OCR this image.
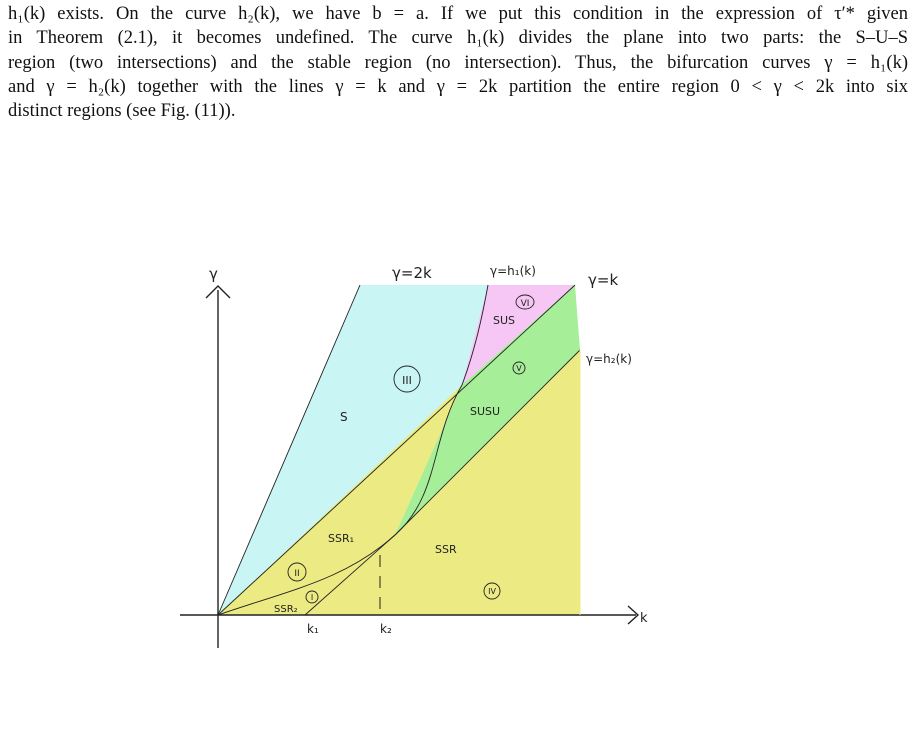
h₁(k) exists. On the curve h₂(k), we have b = a. If we put this condition in the expression of τ′* given
in Theorem (2.1), it becomes undefined. The curve h₁(k) divides the plane into two parts: the S–U–S
region (two intersections) and the stable region (no intersection). Thus, the bifurcation curves γ = h₁(k)
and γ = h₂(k) together with the lines γ = k and γ = 2k partition the entire region 0 < γ < 2k into six
distinct regions (see Fig. (11)).
γ
k
γ=2k	γ=h₁(k)	γ=k
γ=h₂(k)
k₁	k₂
S
SUS
SUSU
SSR₁
SSR
SSR₂
VI
V
III
II
IV
I
